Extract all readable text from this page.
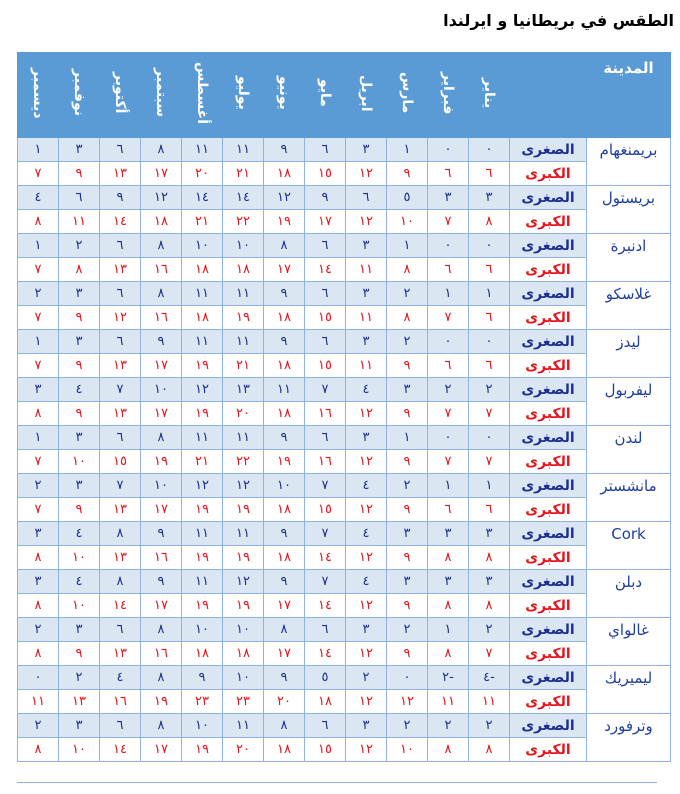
الطقس في بريطانيا و ايرلندا
المدينة		يناير	فبراير	مارس	ابريل	مايو	يونيو	يوليو	أغسطس	سبتمبر	أكتوبر	نوفمبر	ديسمبر
بريمنغهام	الصغرى	٠	٠	١	٣	٦	٩	١١	١١	٨	٦	٣	١
	الكبرى	٦	٦	٩	١٢	١٥	١٨	٢١	٢٠	١٧	١٣	٩	٧
بريستول	الصغرى	٣	٣	٥	٦	٩	١٢	١٤	١٤	١٢	٩	٦	٤
	الكبرى	٨	٧	١٠	١٢	١٧	١٩	٢٢	٢١	١٨	١٤	١١	٨
ادنبرة	الصغرى	٠	٠	١	٣	٦	٨	١٠	١٠	٨	٦	٢	١
	الكبرى	٦	٦	٨	١١	١٤	١٧	١٨	١٨	١٦	١٣	٨	٧
غلاسكو	الصغرى	١	١	٢	٣	٦	٩	١١	١١	٨	٦	٣	٢
	الكبرى	٦	٧	٨	١١	١٥	١٨	١٩	١٨	١٦	١٢	٩	٧
ليدز	الصغرى	٠	٠	٢	٣	٦	٩	١١	١١	٩	٦	٣	١
	الكبرى	٦	٦	٩	١١	١٥	١٨	٢١	١٩	١٧	١٣	٩	٧
ليفربول	الصغرى	٢	٢	٣	٤	٧	١١	١٣	١٢	١٠	٧	٤	٣
	الكبرى	٧	٧	٩	١٢	١٦	١٨	٢٠	١٩	١٧	١٣	٩	٨
لندن	الصغرى	٠	٠	١	٣	٦	٩	١١	١١	٨	٦	٣	١
	الكبرى	٧	٧	٩	١٢	١٦	١٩	٢٢	٢١	١٩	١٥	١٠	٧
مانشستر	الصغرى	١	١	٢	٤	٧	١٠	١٢	١٢	١٠	٧	٣	٢
	الكبرى	٦	٦	٩	١٢	١٥	١٨	١٩	١٩	١٧	١٣	٩	٧
Cork	الصغرى	٣	٣	٣	٤	٧	٩	١١	١١	٩	٨	٤	٣
	الكبرى	٨	٨	٩	١٢	١٤	١٨	١٩	١٩	١٦	١٣	١٠	٨
دبلن	الصغرى	٣	٣	٣	٤	٧	٩	١٢	١١	٩	٨	٤	٣
	الكبرى	٨	٨	٩	١٢	١٤	١٧	١٩	١٩	١٧	١٤	١٠	٨
غالواي	الصغرى	٢	١	٢	٣	٦	٨	١٠	١٠	٨	٦	٣	٢
	الكبرى	٧	٨	٩	١٢	١٤	١٧	١٨	١٨	١٦	١٣	٩	٨
ليميريك	الصغرى	-٤	-٢	٠	٢	٥	٩	١٠	٩	٨	٤	٢	٠
	الكبرى	١١	١١	١٢	١٢	١٨	٢٠	٢٣	٢٣	١٩	١٦	١٣	١١
وترفورد	الصغرى	٢	٢	٢	٣	٦	٨	١١	١٠	٨	٦	٣	٢
	الكبرى	٨	٨	١٠	١٢	١٥	١٨	٢٠	١٩	١٧	١٤	١٠	٨
